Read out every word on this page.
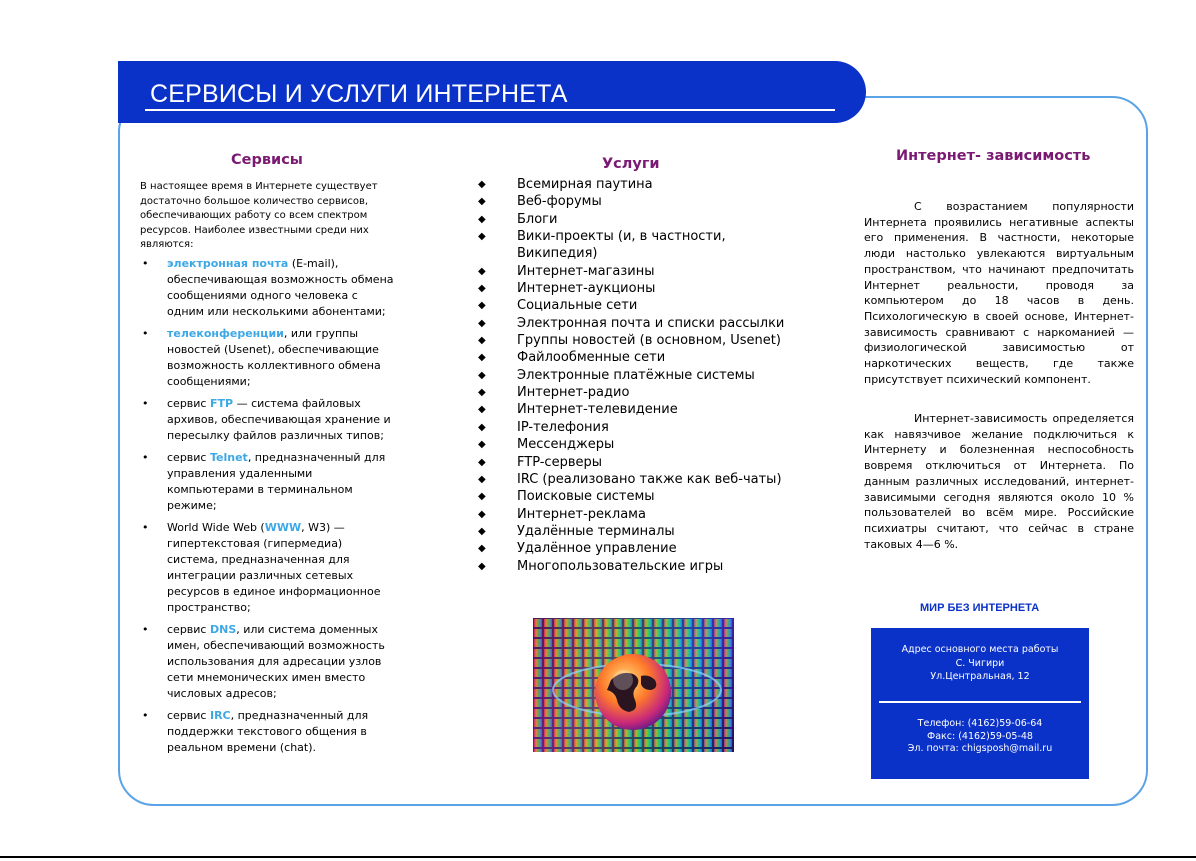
СЕРВИСЫ И УСЛУГИ ИНТЕРНЕТА
Сервисы
В настоящее время в Интернете существует достаточно большое количество сервисов, обеспечивающих работу со всем спектром ресурсов. Наиболее известными среди них являются:
• электронная почта (E-mail), обеспечивающая возможность обмена сообщениями одного человека с одним или несколькими абонентами;
• телеконференции, или группы новостей (Usenet), обеспечивающие возможность коллективного обмена сообщениями;
• сервис FTP — система файловых архивов, обеспечивающая хранение и пересылку файлов различных типов;
• сервис Telnet, предназначенный для управления удаленными компьютерами в терминальном режиме;
• World Wide Web (WWW, W3) — гипертекстовая (гипермедиа) система, предназначенная для интеграции различных сетевых ресурсов в единое информационное пространство;
• сервис DNS, или система доменных имен, обеспечивающий возможность использования для адресации узлов сети мнемонических имен вместо числовых адресов;
• сервис IRC, предназначенный для поддержки текстового общения в реальном времени (chat).
Услуги
◆ Всемирная паутина
◆ Веб-форумы
◆ Блоги
◆ Вики-проекты (и, в частности, Википедия)
◆ Интернет-магазины
◆ Интернет-аукционы
◆ Социальные сети
◆ Электронная почта и списки рассылки
◆ Группы новостей (в основном, Usenet)
◆ Файлообменные сети
◆ Электронные платёжные системы
◆ Интернет-радио
◆ Интернет-телевидение
◆ IP-телефония
◆ Мессенджеры
◆ FTP-серверы
◆ IRC (реализовано также как веб-чаты)
◆ Поисковые системы
◆ Интернет-реклама
◆ Удалённые терминалы
◆ Удалённое управление
◆ Многопользовательские игры
Интернет- зависимость
С возрастанием популярности Интернета проявились негативные аспекты его применения. В частности, некоторые люди настолько увлекаются виртуальным пространством, что начинают предпочитать Интернет реальности, проводя за компьютером до 18 часов в день. Психологическую в своей основе, Интернет-зависимость сравнивают с наркоманией — физиологической зависимостью от наркотических веществ, где также присутствует психический компонент.
Интернет-зависимость определяется как навязчивое желание подключиться к Интернету и болезненная неспособность вовремя отключиться от Интернета. По данным различных исследований, интернет-зависимыми сегодня являются около 10 % пользователей во всём мире. Российские психиатры считают, что сейчас в стране таковых 4—6 %.
МИР БЕЗ ИНТЕРНЕТА
Адрес основного места работы
С. Чигири
Ул.Центральная, 12
Телефон: (4162)59-06-64
Факс: (4162)59-05-48
Эл. почта: chigsposh@mail.ru
